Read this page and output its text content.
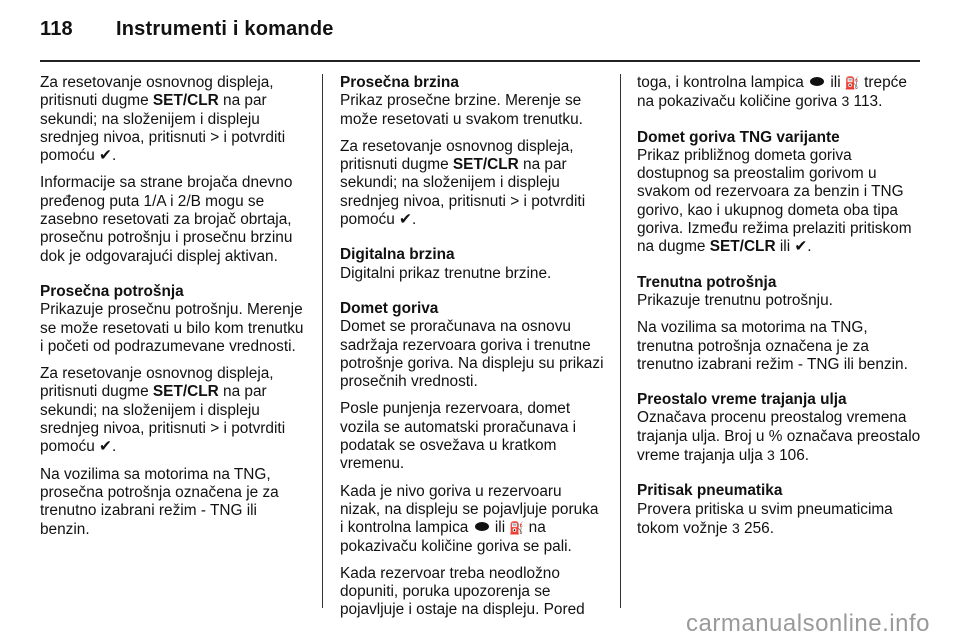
118 Instrumenti i komande

Za resetovanje osnovnog displeja, pritisnuti dugme SET/CLR na par sekundi; na složenijem i displeju srednjeg nivoa, pritisnuti > i potvrditi pomoću ✔.

Informacije sa strane brojača dnevno pređenog puta 1/A i 2/B mogu se zasebno resetovati za brojač obrtaja, prosečnu potrošnju i prosečnu brzinu dok je odgovarajući displej aktivan.

Prosečna potrošnja

Prikazuje prosečnu potrošnju. Merenje se može resetovati u bilo kom trenutku i početi od podrazumevane vrednosti.

Za resetovanje osnovnog displeja, pritisnuti dugme SET/CLR na par sekundi; na složenijem i displeju srednjeg nivoa, pritisnuti > i potvrditi pomoću ✔.

Na vozilima sa motorima na TNG, prosečna potrošnja označena je za trenutno izabrani režim - TNG ili benzin.

Prosečna brzina

Prikaz prosečne brzine. Merenje se može resetovati u svakom trenutku.

Za resetovanje osnovnog displeja, pritisnuti dugme SET/CLR na par sekundi; na složenijem i displeju srednjeg nivoa, pritisnuti > i potvrditi pomoću ✔.

Digitalna brzina

Digitalni prikaz trenutne brzine.

Domet goriva

Domet se proračunava na osnovu sadržaja rezervoara goriva i trenutne potrošnje goriva. Na displeju su prikazi prosečnih vrednosti.

Posle punjenja rezervoara, domet vozila se automatski proračunava i podatak se osvežava u kratkom vremenu.

Kada je nivo goriva u rezervoaru nizak, na displeju se pojavljuje poruka i kontrolna lampica  ili ⛽ na pokazivaču količine goriva se pali.

Kada rezervoar treba neodložno dopuniti, poruka upozorenja se pojavljuje i ostaje na displeju. Pored

toga, i kontrolna lampica  ili ⛽ trepće na pokazivaču količine goriva 3 113.

Domet goriva TNG varijante

Prikaz približnog dometa goriva dostupnog sa preostalim gorivom u svakom od rezervoara za benzin i TNG gorivo, kao i ukupnog dometa oba tipa goriva. Između režima prelaziti pritiskom na dugme SET/CLR ili ✔.

Trenutna potrošnja

Prikazuje trenutnu potrošnju.

Na vozilima sa motorima na TNG, trenutna potrošnja označena je za trenutno izabrani režim - TNG ili benzin.

Preostalo vreme trajanja ulja

Označava procenu preostalog vremena trajanja ulja. Broj u % označava preostalo vreme trajanja ulja 3 106.

Pritisak pneumatika

Provera pritiska u svim pneumaticima tokom vožnje 3 256.

carmanualsonline.info
